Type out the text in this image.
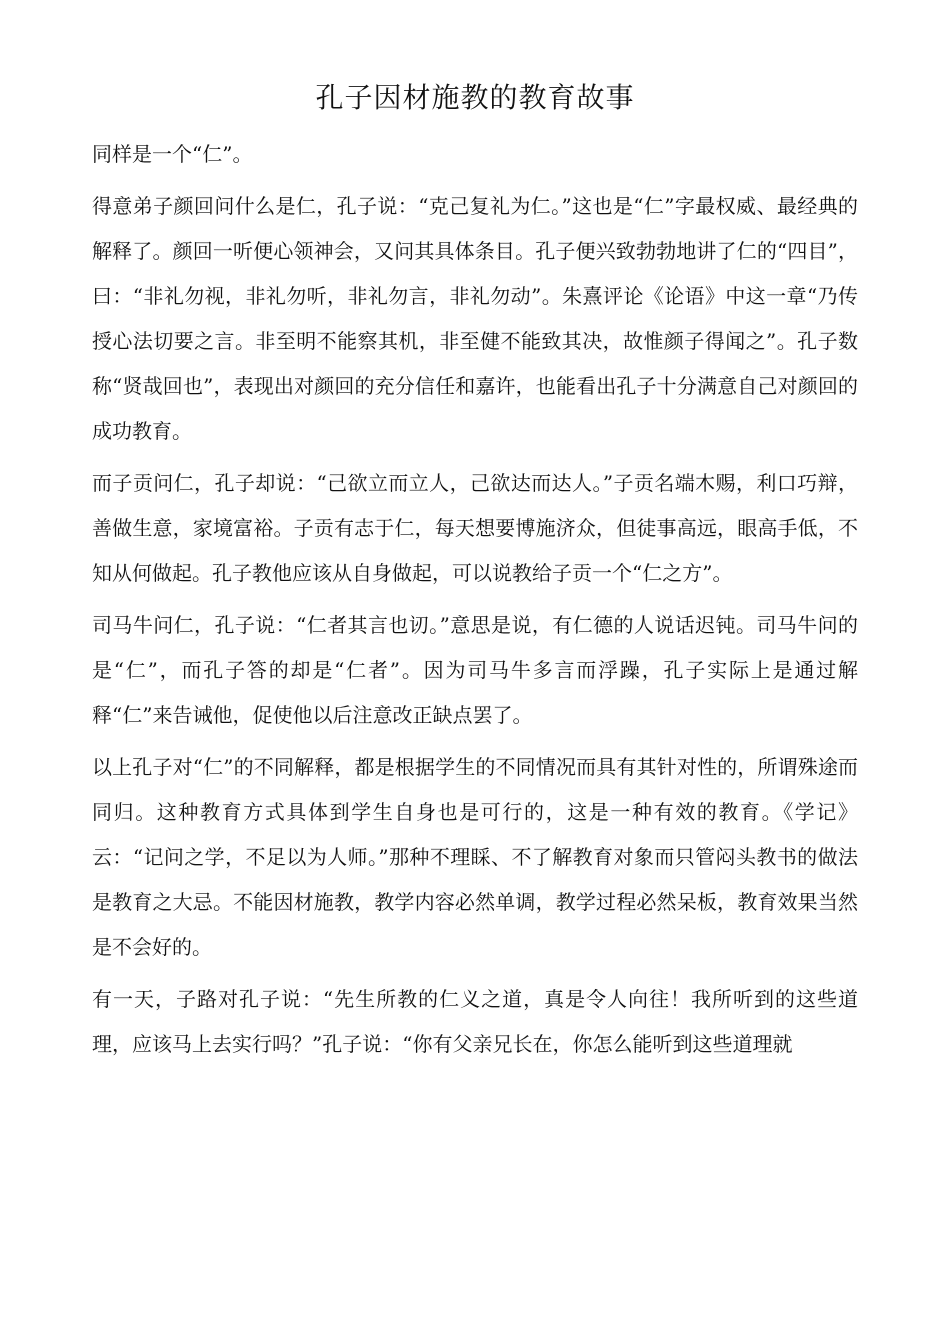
孔子因材施教的教育故事

同样是一个“仁”。

得意弟子颜回问什么是仁，孔子说：“克己复礼为仁。”这也是“仁”字最权威、最经典的解释了。颜回一听便心领神会，又问其具体条目。孔子便兴致勃勃地讲了仁的“四目”，曰：“非礼勿视，非礼勿听，非礼勿言，非礼勿动”。朱熹评论《论语》中这一章“乃传授心法切要之言。非至明不能察其机，非至健不能致其决，故惟颜子得闻之”。孔子数称“贤哉回也”，表现出对颜回的充分信任和嘉许，也能看出孔子十分满意自己对颜回的成功教育。

而子贡问仁，孔子却说：“己欲立而立人，己欲达而达人。”子贡名端木赐，利口巧辩，善做生意，家境富裕。子贡有志于仁，每天想要博施济众，但徒事高远，眼高手低，不知从何做起。孔子教他应该从自身做起，可以说教给子贡一个“仁之方”。

司马牛问仁，孔子说：“仁者其言也讱。”意思是说，有仁德的人说话迟钝。司马牛问的是“仁”，而孔子答的却是“仁者”。因为司马牛多言而浮躁，孔子实际上是通过解释“仁”来告诫他，促使他以后注意改正缺点罢了。

以上孔子对“仁”的不同解释，都是根据学生的不同情况而具有其针对性的，所谓殊途而同归。这种教育方式具体到学生自身也是可行的，这是一种有效的教育。《学记》云：“记问之学，不足以为人师。”那种不理睬、不了解教育对象而只管闷头教书的做法是教育之大忌。不能因材施教，教学内容必然单调，教学过程必然呆板，教育效果当然是不会好的。

有一天，子路对孔子说：“先生所教的仁义之道，真是令人向往！我所听到的这些道理，应该马上去实行吗？”孔子说：“你有父亲兄长在，你怎么能听到这些道理就
